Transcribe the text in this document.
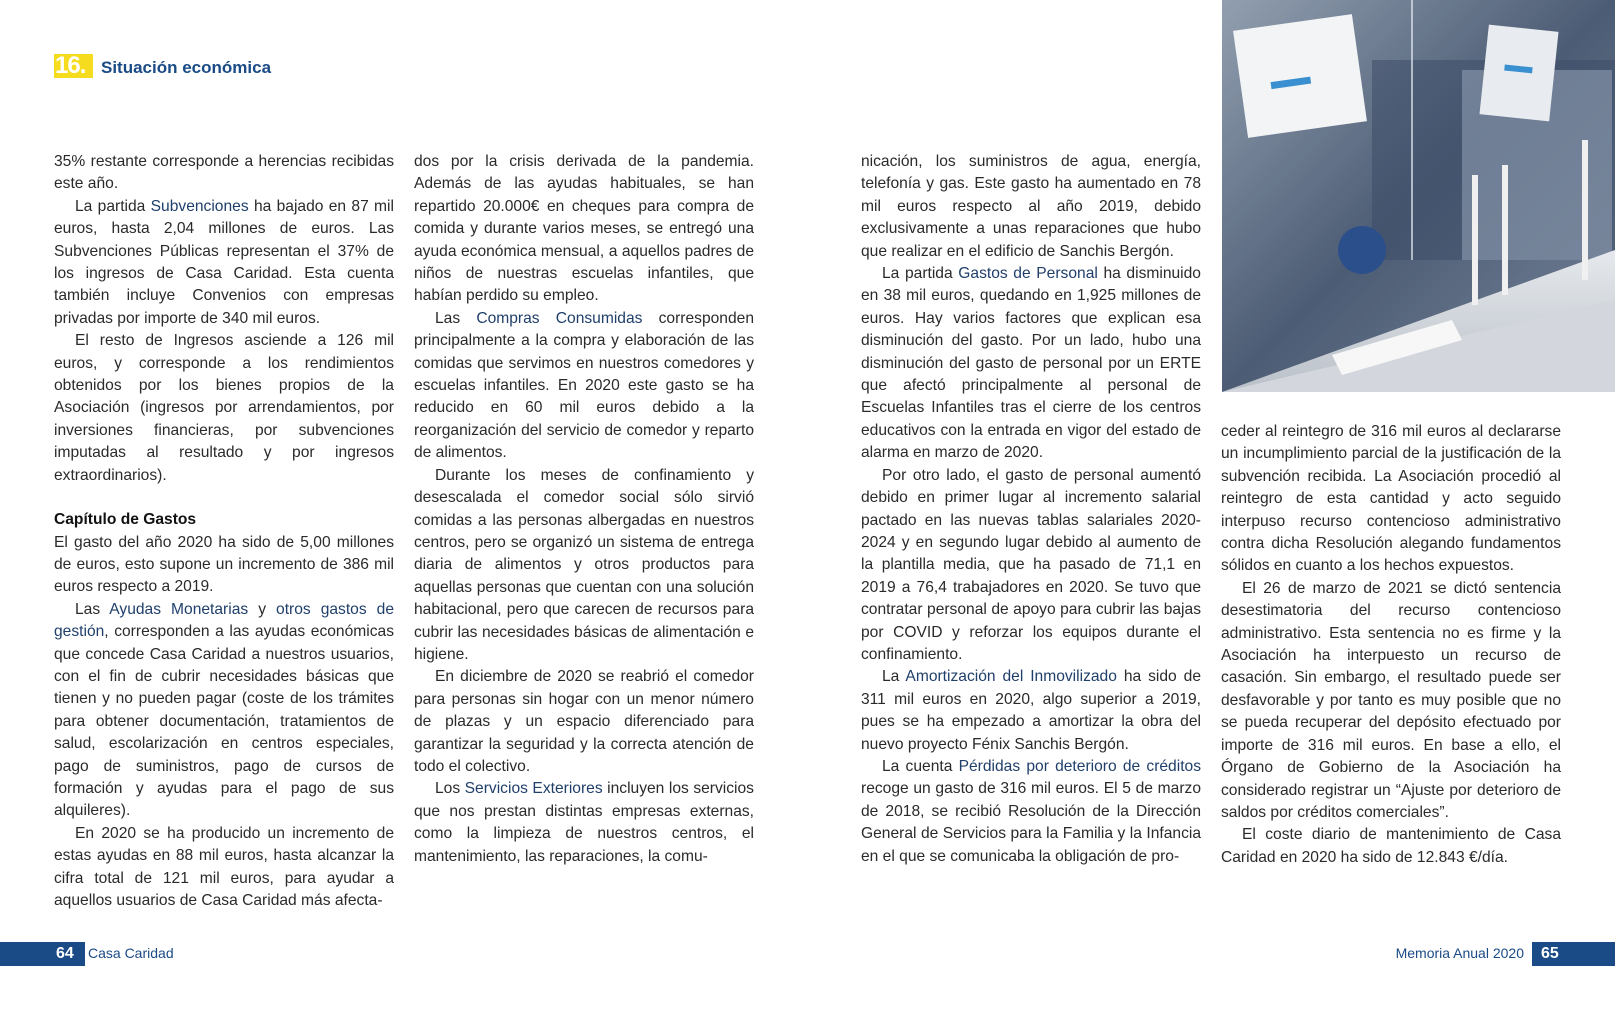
16. Situación económica

35% restante corresponde a herencias recibidas este año.

La partida Subvenciones ha bajado en 87 mil euros, hasta 2,04 millones de euros. Las Subvenciones Públicas representan el 37% de los ingresos de Casa Caridad. Esta cuenta también incluye Convenios con empresas privadas por importe de 340 mil euros.

El resto de Ingresos asciende a 126 mil euros, y corresponde a los rendimientos obtenidos por los bienes propios de la Asociación (ingresos por arrendamientos, por inversiones financieras, por subvenciones imputadas al resultado y por ingresos extraordinarios).

Capítulo de Gastos

El gasto del año 2020 ha sido de 5,00 millones de euros, esto supone un incremento de 386 mil euros respecto a 2019.

Las Ayudas Monetarias y otros gastos de gestión, corresponden a las ayudas económicas que concede Casa Caridad a nuestros usuarios, con el fin de cubrir necesidades básicas que tienen y no pueden pagar (coste de los trámites para obtener documentación, tratamientos de salud, escolarización en centros especiales, pago de suministros, pago de cursos de formación y ayudas para el pago de sus alquileres).

En 2020 se ha producido un incremento de estas ayudas en 88 mil euros, hasta alcanzar la cifra total de 121 mil euros, para ayudar a aquellos usuarios de Casa Caridad más afecta-

dos por la crisis derivada de la pandemia. Además de las ayudas habituales, se han repartido 20.000€ en cheques para compra de comida y durante varios meses, se entregó una ayuda económica mensual, a aquellos padres de niños de nuestras escuelas infantiles, que habían perdido su empleo.

Las Compras Consumidas corresponden principalmente a la compra y elaboración de las comidas que servimos en nuestros comedores y escuelas infantiles. En 2020 este gasto se ha reducido en 60 mil euros debido a la reorganización del servicio de comedor y reparto de alimentos.

Durante los meses de confinamiento y desescalada el comedor social sólo sirvió comidas a las personas albergadas en nuestros centros, pero se organizó un sistema de entrega diaria de alimentos y otros productos para aquellas personas que cuentan con una solución habitacional, pero que carecen de recursos para cubrir las necesidades básicas de alimentación e higiene.

En diciembre de 2020 se reabrió el comedor para personas sin hogar con un menor número de plazas y un espacio diferenciado para garantizar la seguridad y la correcta atención de todo el colectivo.

Los Servicios Exteriores incluyen los servicios que nos prestan distintas empresas externas, como la limpieza de nuestros centros, el mantenimiento, las reparaciones, la comu-

nicación, los suministros de agua, energía, telefonía y gas. Este gasto ha aumentado en 78 mil euros respecto al año 2019, debido exclusivamente a unas reparaciones que hubo que realizar en el edificio de Sanchis Bergón.

La partida Gastos de Personal ha disminuido en 38 mil euros, quedando en 1,925 millones de euros. Hay varios factores que explican esa disminución del gasto. Por un lado, hubo una disminución del gasto de personal por un ERTE que afectó principalmente al personal de Escuelas Infantiles tras el cierre de los centros educativos con la entrada en vigor del estado de alarma en marzo de 2020.

Por otro lado, el gasto de personal aumentó debido en primer lugar al incremento salarial pactado en las nuevas tablas salariales 2020-2024 y en segundo lugar debido al aumento de la plantilla media, que ha pasado de 71,1 en 2019 a 76,4 trabajadores en 2020. Se tuvo que contratar personal de apoyo para cubrir las bajas por COVID y reforzar los equipos durante el confinamiento.

La Amortización del Inmovilizado ha sido de 311 mil euros en 2020, algo superior a 2019, pues se ha empezado a amortizar la obra del nuevo proyecto Fénix Sanchis Bergón.

La cuenta Pérdidas por deterioro de créditos recoge un gasto de 316 mil euros. El 5 de marzo de 2018, se recibió Resolución de la Dirección General de Servicios para la Familia y la Infancia en el que se comunicaba la obligación de pro-

ceder al reintegro de 316 mil euros al declararse un incumplimiento parcial de la justificación de la subvención recibida. La Asociación procedió al reintegro de esta cantidad y acto seguido interpuso recurso contencioso administrativo contra dicha Resolución alegando fundamentos sólidos en cuanto a los hechos expuestos.

El 26 de marzo de 2021 se dictó sentencia desestimatoria del recurso contencioso administrativo. Esta sentencia no es firme y la Asociación ha interpuesto un recurso de casación. Sin embargo, el resultado puede ser desfavorable y por tanto es muy posible que no se pueda recuperar del depósito efectuado por importe de 316 mil euros. En base a ello, el Órgano de Gobierno de la Asociación ha considerado registrar un “Ajuste por deterioro de saldos por créditos comerciales”.

El coste diario de mantenimiento de Casa Caridad en 2020 ha sido de 12.843 €/día.

64 Casa Caridad	Memoria Anual 2020 65
